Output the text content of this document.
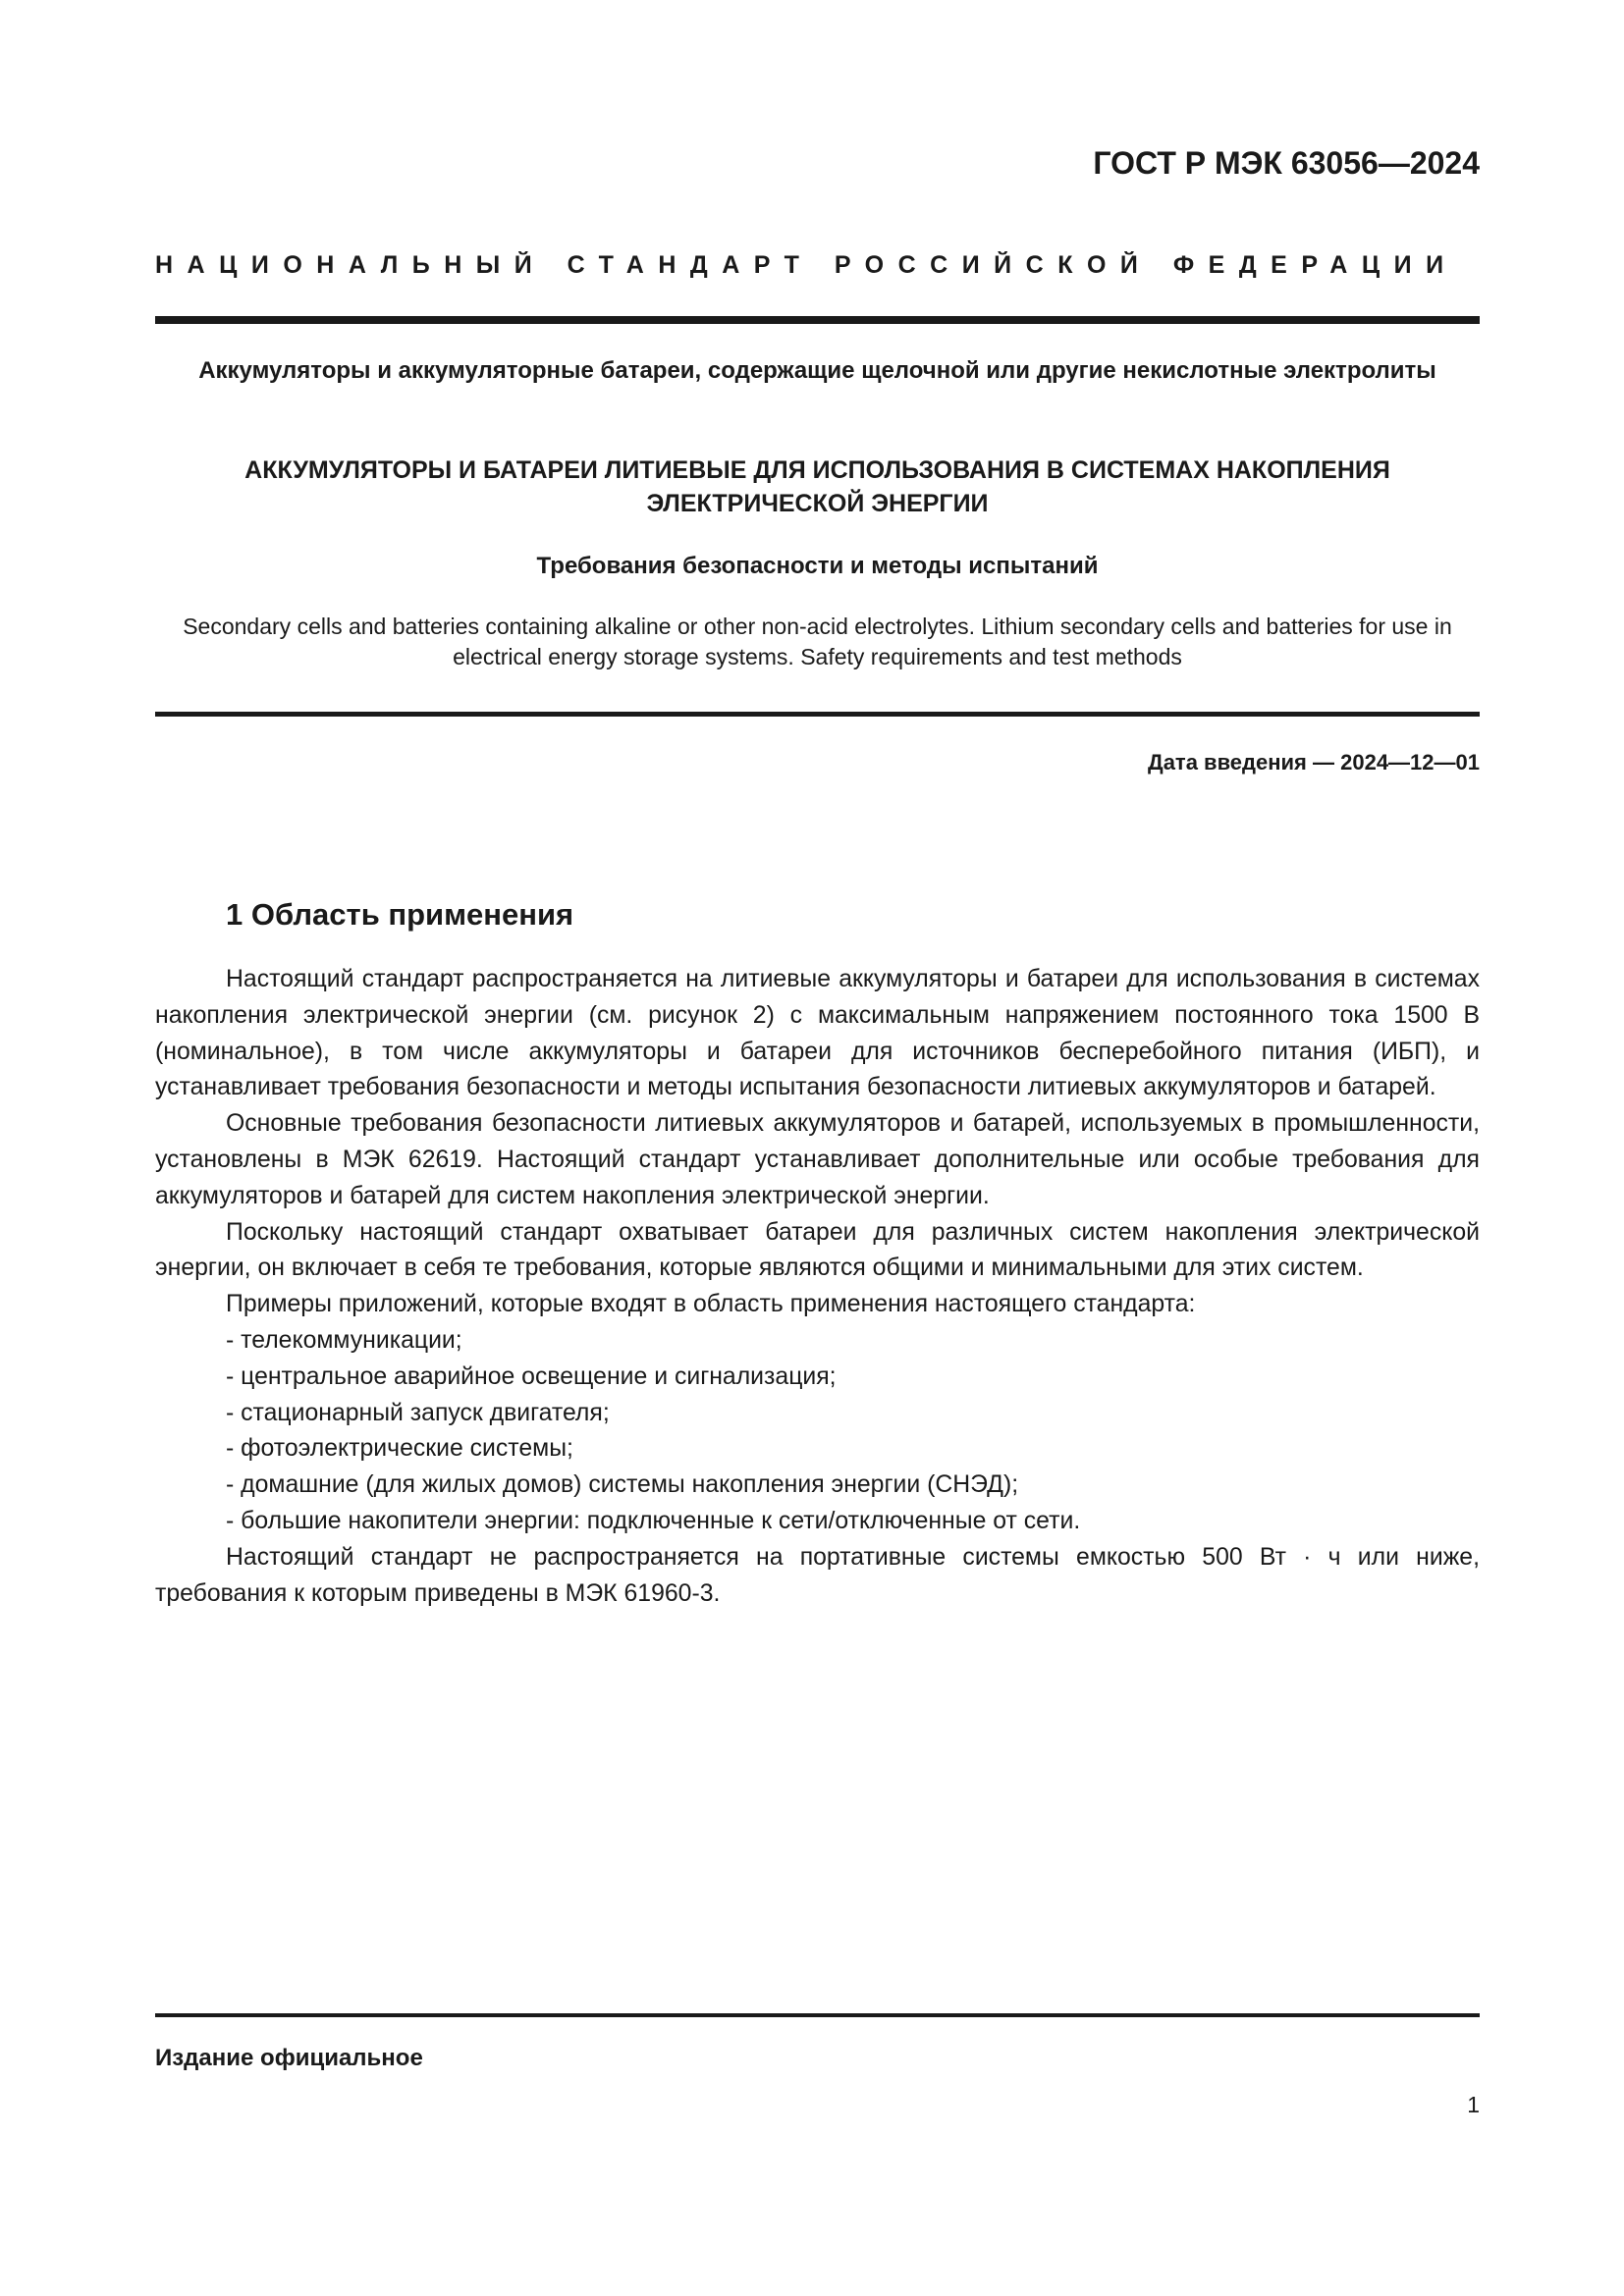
ГОСТ Р МЭК 63056—2024
НАЦИОНАЛЬНЫЙ СТАНДАРТ РОССИЙСКОЙ ФЕДЕРАЦИИ
Аккумуляторы и аккумуляторные батареи, содержащие щелочной или другие некислотные электролиты
АККУМУЛЯТОРЫ И БАТАРЕИ ЛИТИЕВЫЕ ДЛЯ ИСПОЛЬЗОВАНИЯ В СИСТЕМАХ НАКОПЛЕНИЯ ЭЛЕКТРИЧЕСКОЙ ЭНЕРГИИ
Требования безопасности и методы испытаний
Secondary cells and batteries containing alkaline or other non-acid electrolytes. Lithium secondary cells and batteries for use in electrical energy storage systems. Safety requirements and test methods
Дата введения — 2024—12—01
1 Область применения

Настоящий стандарт распространяется на литиевые аккумуляторы и батареи для использования в системах накопления электрической энергии (см. рисунок 2) с максимальным напряжением постоянного тока 1500 В (номинальное), в том числе аккумуляторы и батареи для источников бесперебойного питания (ИБП), и устанавливает требования безопасности и методы испытания безопасности литиевых аккумуляторов и батарей.

Основные требования безопасности литиевых аккумуляторов и батарей, используемых в промышленности, установлены в МЭК 62619. Настоящий стандарт устанавливает дополнительные или особые требования для аккумуляторов и батарей для систем накопления электрической энергии.

Поскольку настоящий стандарт охватывает батареи для различных систем накопления электрической энергии, он включает в себя те требования, которые являются общими и минимальными для этих систем.

Примеры приложений, которые входят в область применения настоящего стандарта:

- телекоммуникации;
- центральное аварийное освещение и сигнализация;
- стационарный запуск двигателя;
- фотоэлектрические системы;
- домашние (для жилых домов) системы накопления энергии (СНЭД);
- большие накопители энергии: подключенные к сети/отключенные от сети.

Настоящий стандарт не распространяется на портативные системы емкостью 500 Вт · ч или ниже, требования к которым приведены в МЭК 61960-3.

Издание официальное
1
